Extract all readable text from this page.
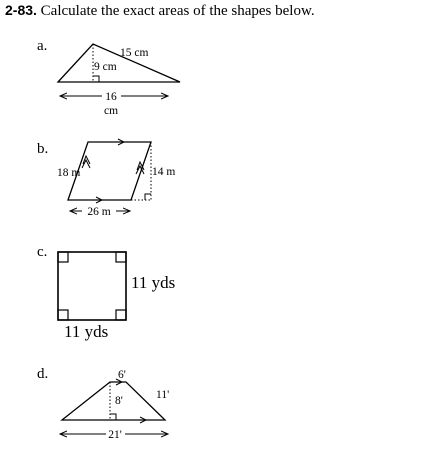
2-83. Calculate the exact areas of the shapes below.
a.	15 cm
9 cm
16
cm
18 m	14 m
26 m
11 yds
11 yds
6'
8'	11'
21'
b.
c.
d.
